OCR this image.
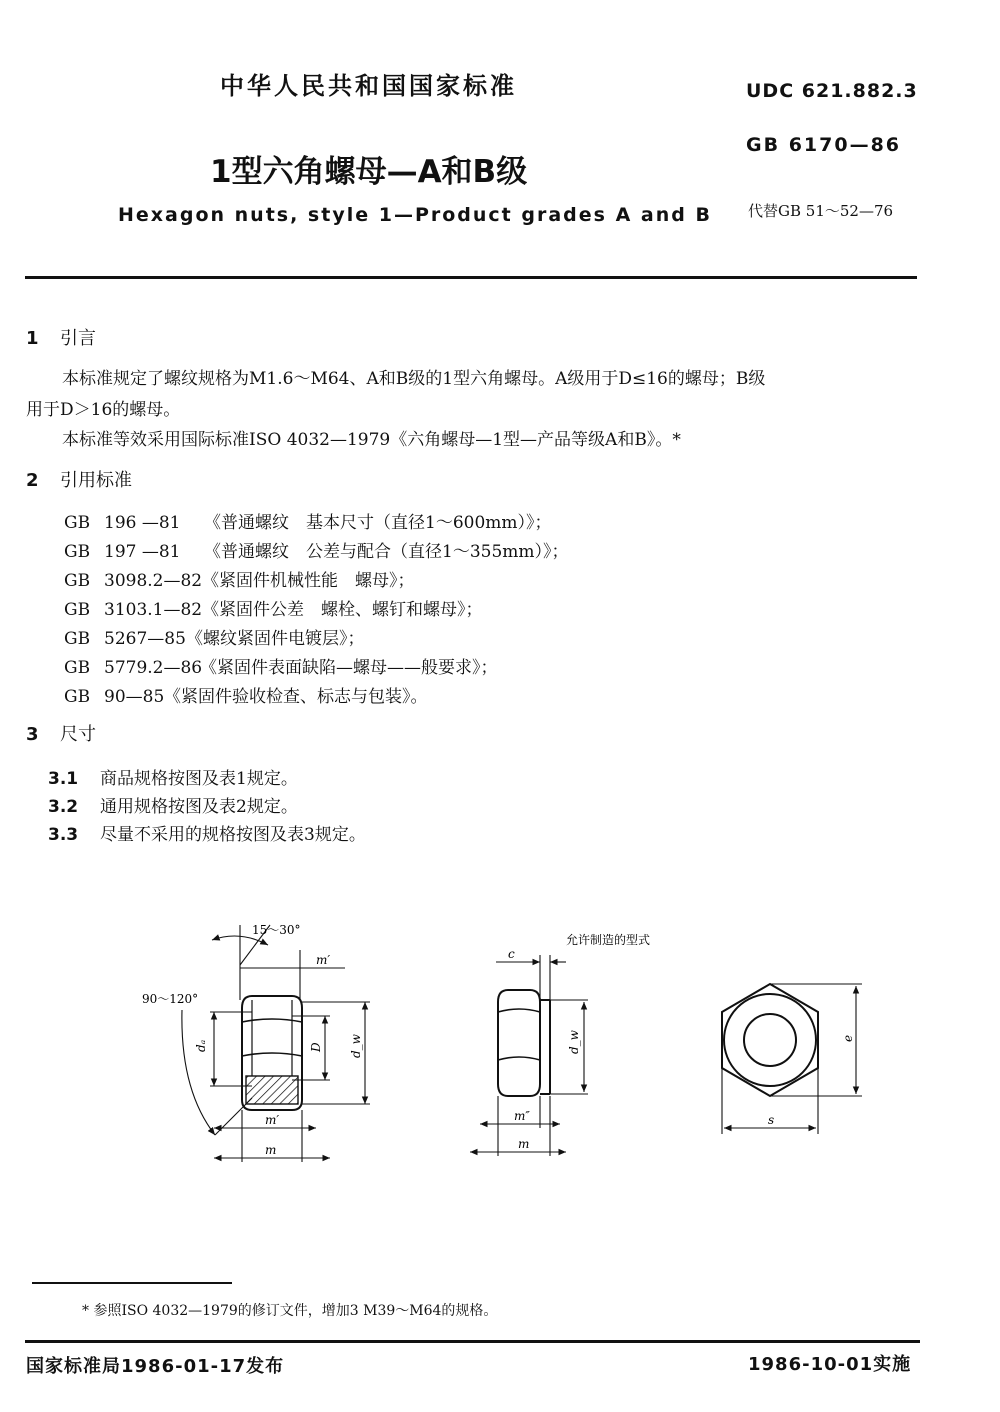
中华人民共和国国家标准	UDC 621.882.3
GB 6170—86
1型六角螺母—A和B级
Hexagon nuts, style 1—Product grades A and B 代替GB 51～52—76
1 引言
本标准规定了螺纹规格为M1.6～M64、A和B级的1型六角螺母。A级用于D≤16的螺母；B级
用于D＞16的螺母。
本标准等效采用国际标准ISO 4032—1979《六角螺母—1型—产品等级A和B》。*
2 引用标准
GB 196 —81 《普通螺纹　基本尺寸（直径1～600mm）》；
GB 197 —81 《普通螺纹　公差与配合（直径1～355mm）》；
GB 3098.2—82《紧固件机械性能　螺母》；
GB 3103.1—82《紧固件公差　螺栓、螺钉和螺母》；
GB 5267—85《螺纹紧固件电镀层》；
GB 5779.2—86《紧固件表面缺陷—螺母——般要求》；
GB 90—85《紧固件验收检查、标志与包装》。
3 尺寸
3.1 商品规格按图及表1规定。
3.2 通用规格按图及表2规定。
3.3 尽量不采用的规格按图及表3规定。
15～30°
m′
90～120°
dₐ	D d_w
m′
m
允许制造的型式
c
d_w
m″
m
e
s
* 参照ISO 4032—1979的修订文件，增加3 M39～M64的规格。
国家标准局1986-01-17发布	1986-10-01实施
